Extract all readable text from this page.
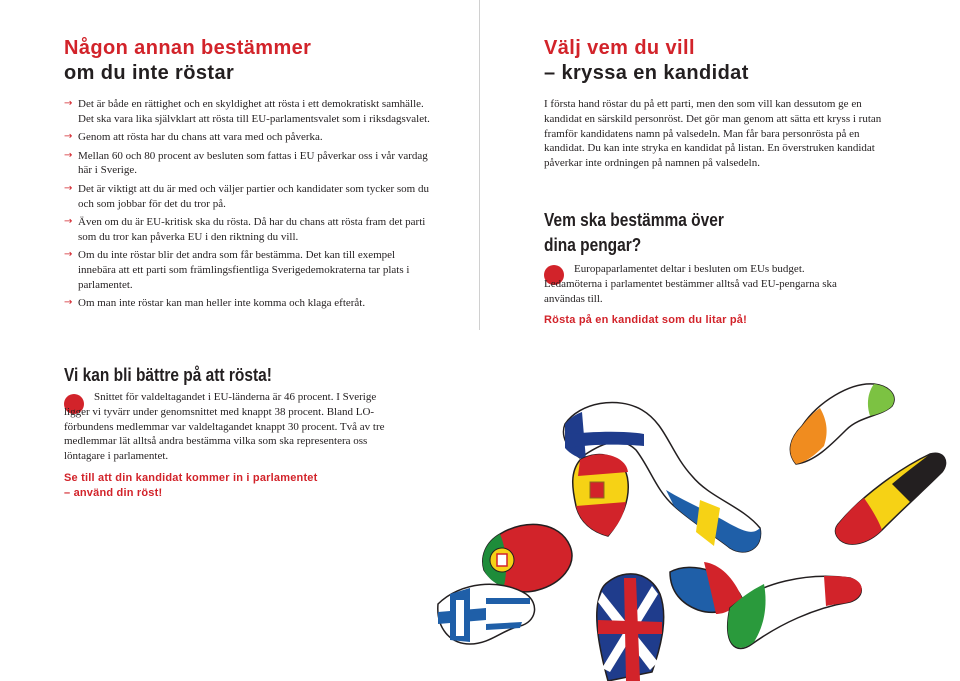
Någon annan bestämmer
om du inte röstar
→ Det är både en rättighet och en skyldighet att rösta i ett demokratiskt samhälle. Det ska vara lika självklart att rösta till EU-parlamentsvalet som i riksdagsvalet.
→ Genom att rösta har du chans att vara med och påverka.
→ Mellan 60 och 80 procent av besluten som fattas i EU påverkar oss i vår vardag här i Sverige.
→ Det är viktigt att du är med och väljer partier och kandidater som tycker som du och som jobbar för det du tror på.
→ Även om du är EU-kritisk ska du rösta. Då har du chans att rösta fram det parti som du tror kan påverka EU i den riktning du vill.
→ Om du inte röstar blir det andra som får bestämma. Det kan till exempel innebära att ett parti som främlingsfientliga Sverigedemokraterna tar plats i parlamentet.
→ Om man inte röstar kan man heller inte komma och klaga efteråt.
Välj vem du vill
– kryssa en kandidat

I första hand röstar du på ett parti, men den som vill kan dessutom ge en kandidat en särskild personröst. Det gör man genom att sätta ett kryss i rutan framför kandidatens namn på valsedeln. Man får bara personrösta på en kandidat. Du kan inte stryka en kandidat på listan. En överstruken kandidat påverkar inte ordningen på namnen på valsedeln.

Vem ska bestämma över
dina pengar?

Europaparlamentet deltar i besluten om EUs budget. Ledamöterna i parlamentet bestämmer alltså vad EU-pengarna ska användas till.

Rösta på en kandidat som du litar på!

Vi kan bli bättre på att rösta!

Snittet för valdeltagandet i EU-länderna är 46 procent. I Sverige ligger vi tyvärr under genomsnittet med knappt 38 procent. Bland LO-förbundens medlemmar var valdeltagandet knappt 30 procent. Två av tre medlemmar lät alltså andra bestämma vilka som ska representera oss löntagare i parlamentet.

Se till att din kandidat kommer in i parlamentet

– använd din röst!
